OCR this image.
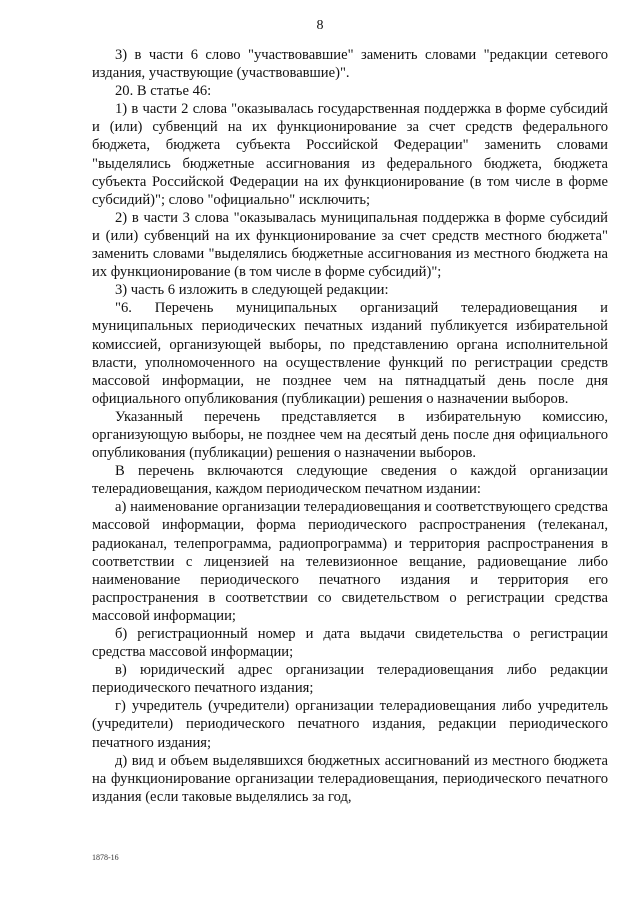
8

3) в части 6 слово "участвовавшие" заменить словами "редакции сетевого издания, участвующие (участвовавшие)".

20. В статье 46:

1) в части 2 слова "оказывалась государственная поддержка в форме субсидий и (или) субвенций на их функционирование за счет средств федерального бюджета, бюджета субъекта Российской Федерации" заменить словами "выделялись бюджетные ассигнования из федерального бюджета, бюджета субъекта Российской Федерации на их функционирование (в том числе в форме субсидий)"; слово "официально" исключить;

2) в части 3 слова "оказывалась муниципальная поддержка в форме субсидий и (или) субвенций на их функционирование за счет средств местного бюджета" заменить словами "выделялись бюджетные ассигнования из местного бюджета на их функционирование (в том числе в форме субсидий)";

3) часть 6 изложить в следующей редакции:

"6. Перечень муниципальных организаций телерадиовещания и муниципальных периодических печатных изданий публикуется избирательной комиссией, организующей выборы, по представлению органа исполнительной власти, уполномоченного на осуществление функций по регистрации средств массовой информации, не позднее чем на пятнадцатый день после дня официального опубликования (публикации) решения о назначении выборов.

Указанный перечень представляется в избирательную комиссию, организующую выборы, не позднее чем на десятый день после дня официального опубликования (публикации) решения о назначении выборов.

В перечень включаются следующие сведения о каждой организации телерадиовещания, каждом периодическом печатном издании:

а) наименование организации телерадиовещания и соответствующего средства массовой информации, форма периодического распространения (телеканал, радиоканал, телепрограмма, радиопрограмма) и территория распространения в соответствии с лицензией на телевизионное вещание, радиовещание либо наименование периодического печатного издания и территория его распространения в соответствии со свидетельством о регистрации средства массовой информации;

б) регистрационный номер и дата выдачи свидетельства о регистрации средства массовой информации;

в) юридический адрес организации телерадиовещания либо редакции периодического печатного издания;

г) учредитель (учредители) организации телерадиовещания либо учредитель (учредители) периодического печатного издания, редакции периодического печатного издания;

д) вид и объем выделявшихся бюджетных ассигнований из местного бюджета на функционирование организации телерадиовещания, периодического печатного издания (если таковые выделялись за год,

1878-16
